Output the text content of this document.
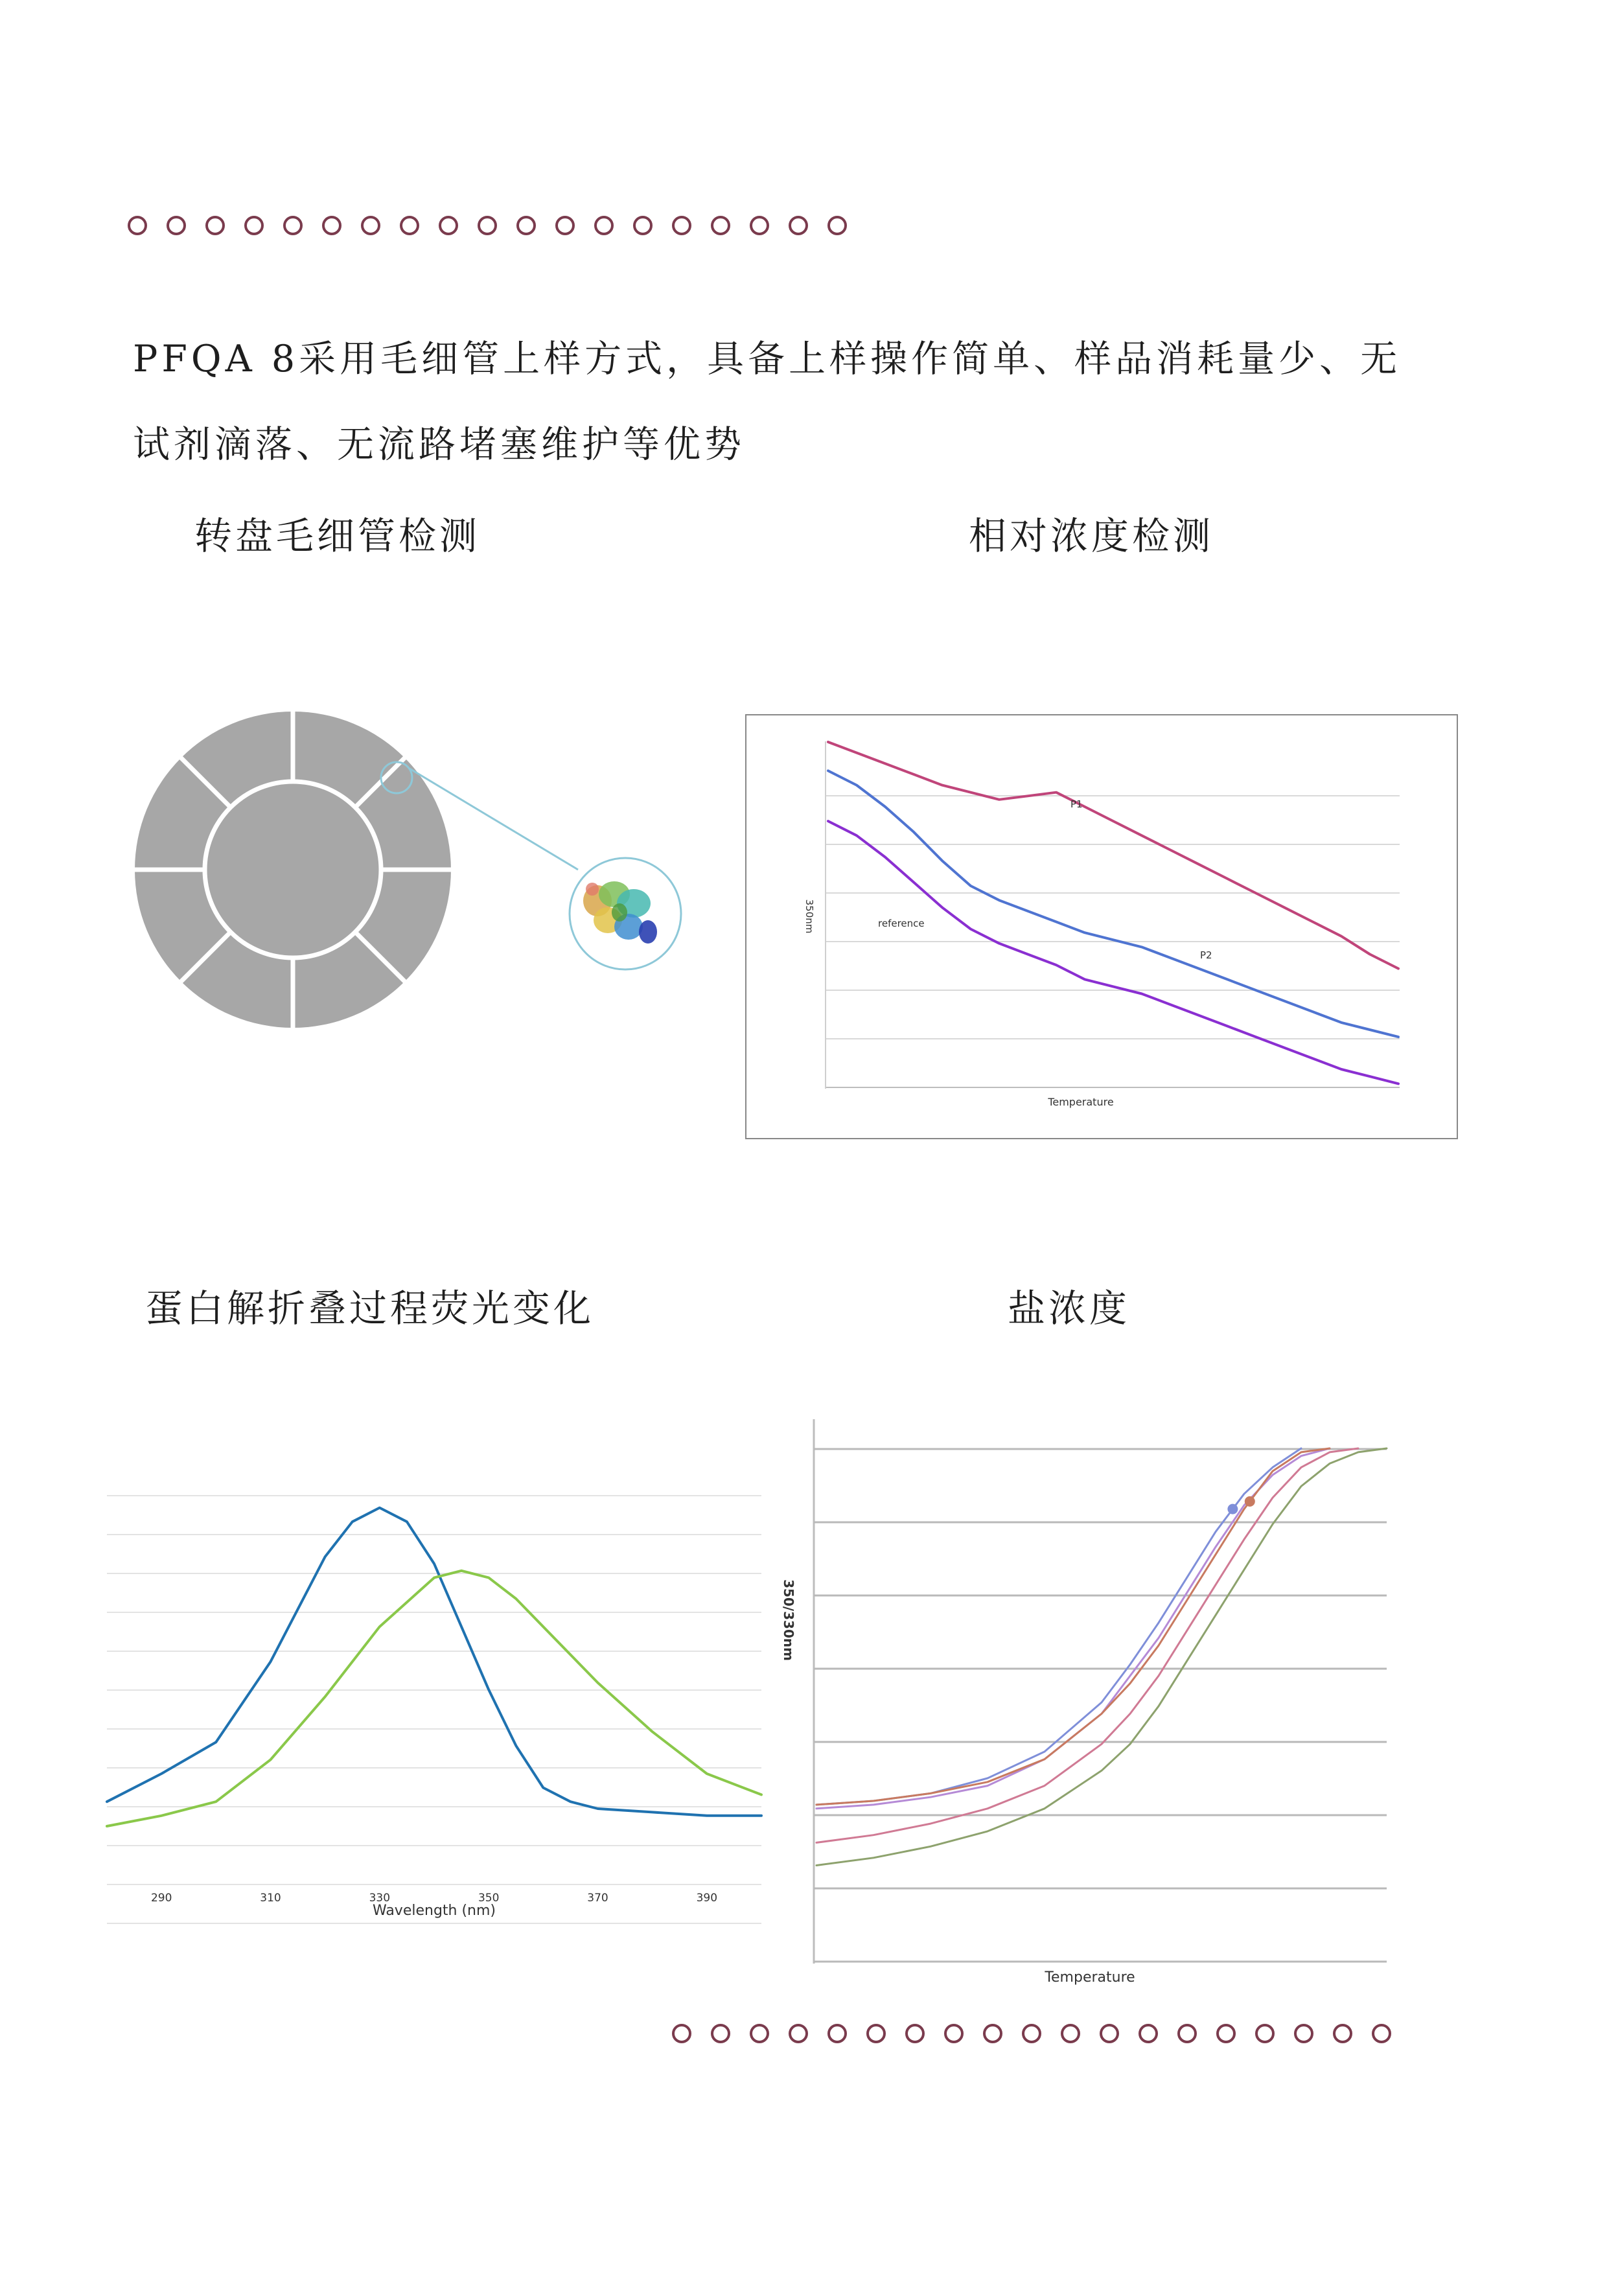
PFQA 8采用毛细管上样方式，具备上样操作简单、样品消耗量少、无
试剂滴落、无流路堵塞维护等优势
转盘毛细管检测	相对浓度检测
蛋白解折叠过程荧光变化	盐浓度
P1
reference
P2
350nm
Temperature
290	310	330	350	370	390
Wavelength (nm)
350/330nm
Temperature
